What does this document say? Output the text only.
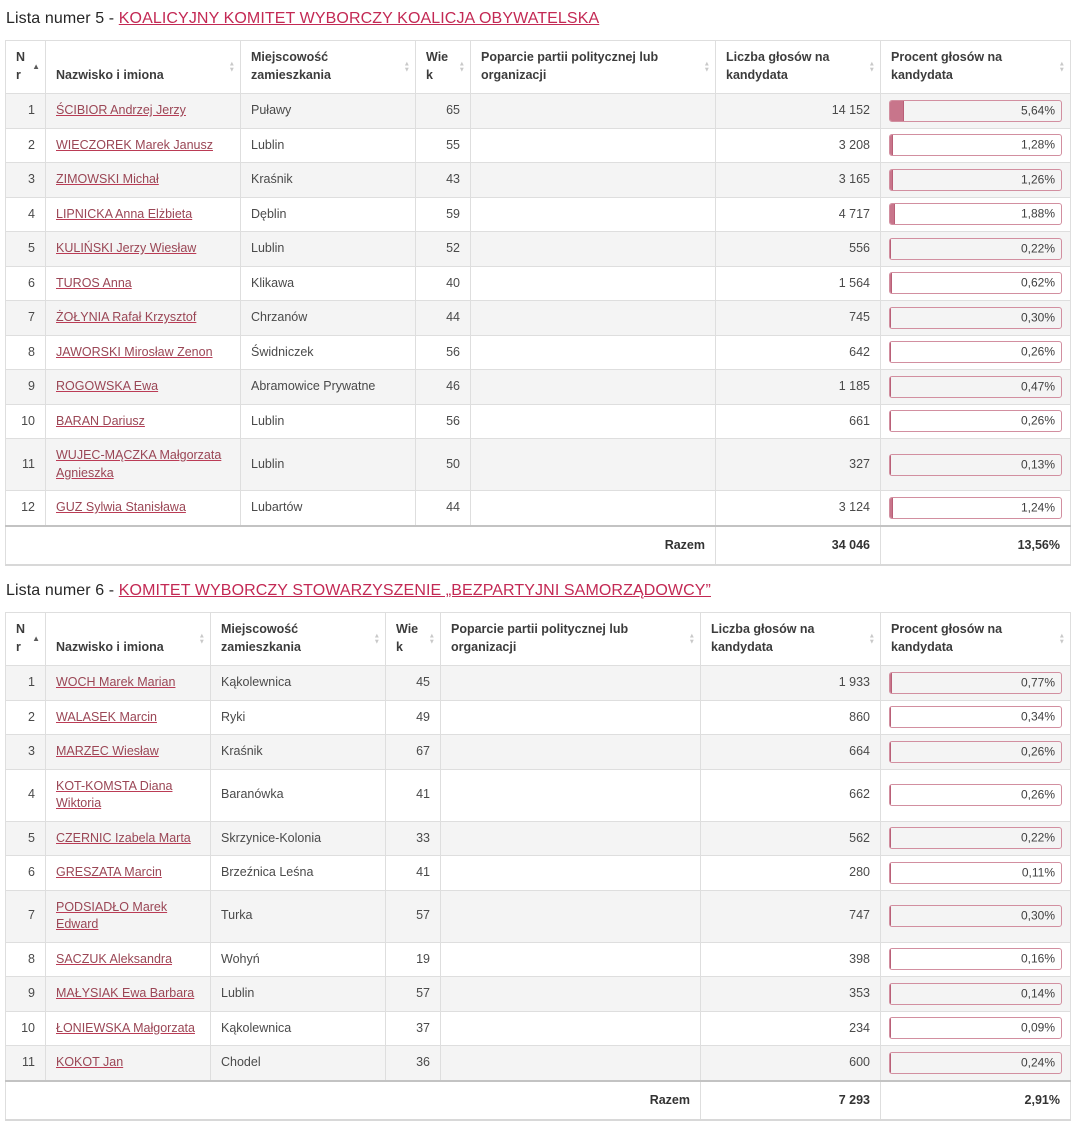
Lista numer 5 - KOALICYJNY KOMITET WYBORCZY KOALICJA OBYWATELSKA
Nr
▲	Nazwisko i imiona
▲
▼	Miejscowość zamieszkania
▲
▼	Wiek
▲
▼	Poparcie partii politycznej lub organizacji
▲
▼	Liczba głosów na kandydata
▲
▼	Procent głosów na kandydata
▲
▼

1	ŚCIBIOR Andrzej Jerzy	Puławy	65		14 152	5,64%

2	WIECZOREK Marek Janusz	Lublin	55		3 208	1,28%

3	ZIMOWSKI Michał	Kraśnik	43		3 165	1,26%

4	LIPNICKA Anna Elżbieta	Dęblin	59		4 717	1,88%

5	KULIŃSKI Jerzy Wiesław	Lublin	52		556	0,22%

6	TUROS Anna	Klikawa	40		1 564	0,62%

7	ŻOŁYNIA Rafał Krzysztof	Chrzanów	44		745	0,30%

8	JAWORSKI Mirosław Zenon	Świdniczek	56		642	0,26%

9	ROGOWSKA Ewa	Abramowice Prywatne	46		1 185	0,47%

10	BARAN Dariusz	Lublin	56		661	0,26%

11	WUJEC-MĄCZKA Małgorzata Agnieszka	Lublin	50		327	0,13%

12	GUZ Sylwia Stanisława	Lubartów	44		3 124	1,24%

Razem					34 046	13,56%
Lista numer 6 - KOMITET WYBORCZY STOWARZYSZENIE „BEZPARTYJNI SAMORZĄDOWCY”
Nr
▲	Nazwisko i imiona
▲
▼	Miejscowość zamieszkania
▲
▼	Wiek
▲
▼	Poparcie partii politycznej lub organizacji
▲
▼	Liczba głosów na kandydata
▲
▼	Procent głosów na kandydata
▲
▼

1	WOCH Marek Marian	Kąkolewnica	45		1 933	0,77%

2	WALASEK Marcin	Ryki	49		860	0,34%

3	MARZEC Wiesław	Kraśnik	67		664	0,26%

4	KOT-KOMSTA Diana Wiktoria	Baranówka	41		662	0,26%

5	CZERNIC Izabela Marta	Skrzynice-Kolonia	33		562	0,22%

6	GRESZATA Marcin	Brzeźnica Leśna	41		280	0,11%

7	PODSIADŁO Marek Edward	Turka	57		747	0,30%

8	SACZUK Aleksandra	Wohyń	19		398	0,16%

9	MAŁYSIAK Ewa Barbara	Lublin	57		353	0,14%

10	ŁONIEWSKA Małgorzata	Kąkolewnica	37		234	0,09%

11	KOKOT Jan	Chodel	36		600	0,24%

Razem					7 293	2,91%
